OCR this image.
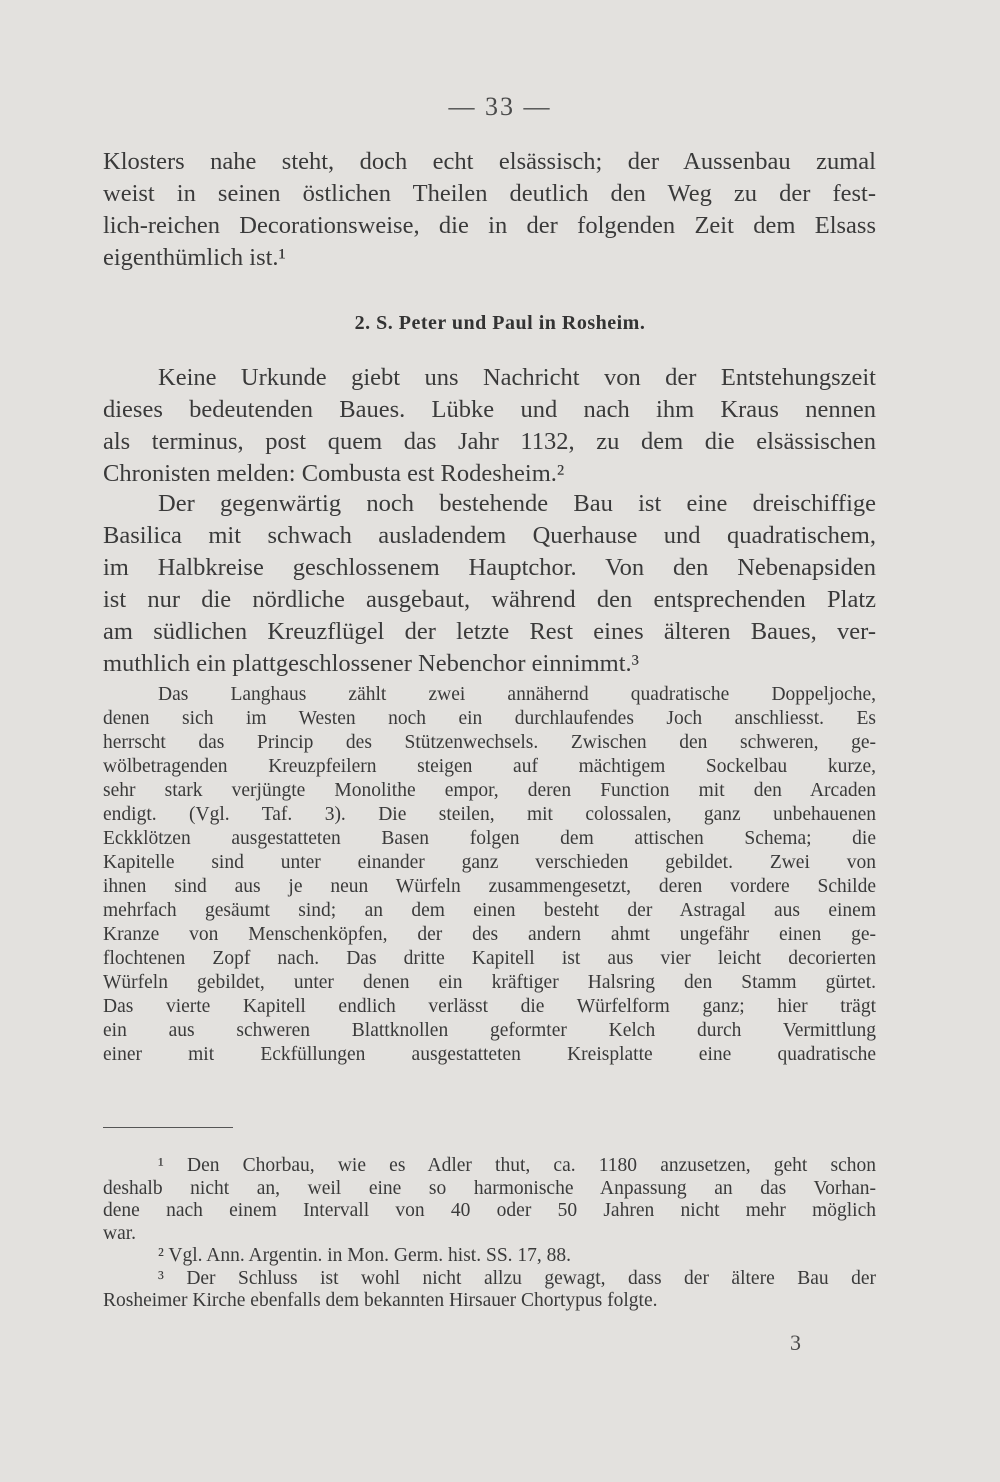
— 33 —
Klosters nahe steht, doch echt elsässisch; der Aussenbau zumal
weist in seinen östlichen Theilen deutlich den Weg zu der fest-
lich-reichen Decorationsweise, die in der folgenden Zeit dem Elsass
eigenthümlich ist.¹
2. S. Peter und Paul in Rosheim.
Keine Urkunde giebt uns Nachricht von der Entstehungszeit
dieses bedeutenden Baues. Lübke und nach ihm Kraus nennen
als terminus, post quem das Jahr 1132, zu dem die elsässischen
Chronisten melden: Combusta est Rodesheim.²
Der gegenwärtig noch bestehende Bau ist eine dreischiffige
Basilica mit schwach ausladendem Querhause und quadratischem,
im Halbkreise geschlossenem Hauptchor. Von den Nebenapsiden
ist nur die nördliche ausgebaut, während den entsprechenden Platz
am südlichen Kreuzflügel der letzte Rest eines älteren Baues, ver-
muthlich ein plattgeschlossener Nebenchor einnimmt.³
Das Langhaus zählt zwei annähernd quadratische Doppeljoche,
denen sich im Westen noch ein durchlaufendes Joch anschliesst. Es
herrscht das Princip des Stützenwechsels. Zwischen den schweren, ge-
wölbetragenden Kreuzpfeilern steigen auf mächtigem Sockelbau kurze,
sehr stark verjüngte Monolithe empor, deren Function mit den Arcaden
endigt. (Vgl. Taf. 3). Die steilen, mit colossalen, ganz unbehauenen
Eckklötzen ausgestatteten Basen folgen dem attischen Schema; die
Kapitelle sind unter einander ganz verschieden gebildet. Zwei von
ihnen sind aus je neun Würfeln zusammengesetzt, deren vordere Schilde
mehrfach gesäumt sind; an dem einen besteht der Astragal aus einem
Kranze von Menschenköpfen, der des andern ahmt ungefähr einen ge-
flochtenen Zopf nach. Das dritte Kapitell ist aus vier leicht decorierten
Würfeln gebildet, unter denen ein kräftiger Halsring den Stamm gürtet.
Das vierte Kapitell endlich verlässt die Würfelform ganz; hier trägt
ein aus schweren Blattknollen geformter Kelch durch Vermittlung
einer mit Eckfüllungen ausgestatteten Kreisplatte eine quadratische
¹ Den Chorbau, wie es Adler thut, ca. 1180 anzusetzen, geht schon
deshalb nicht an, weil eine so harmonische Anpassung an das Vorhan-
dene nach einem Intervall von 40 oder 50 Jahren nicht mehr möglich
war.
² Vgl. Ann. Argentin. in Mon. Germ. hist. SS. 17, 88.
³ Der Schluss ist wohl nicht allzu gewagt, dass der ältere Bau der
Rosheimer Kirche ebenfalls dem bekannten Hirsauer Chortypus folgte.
3
